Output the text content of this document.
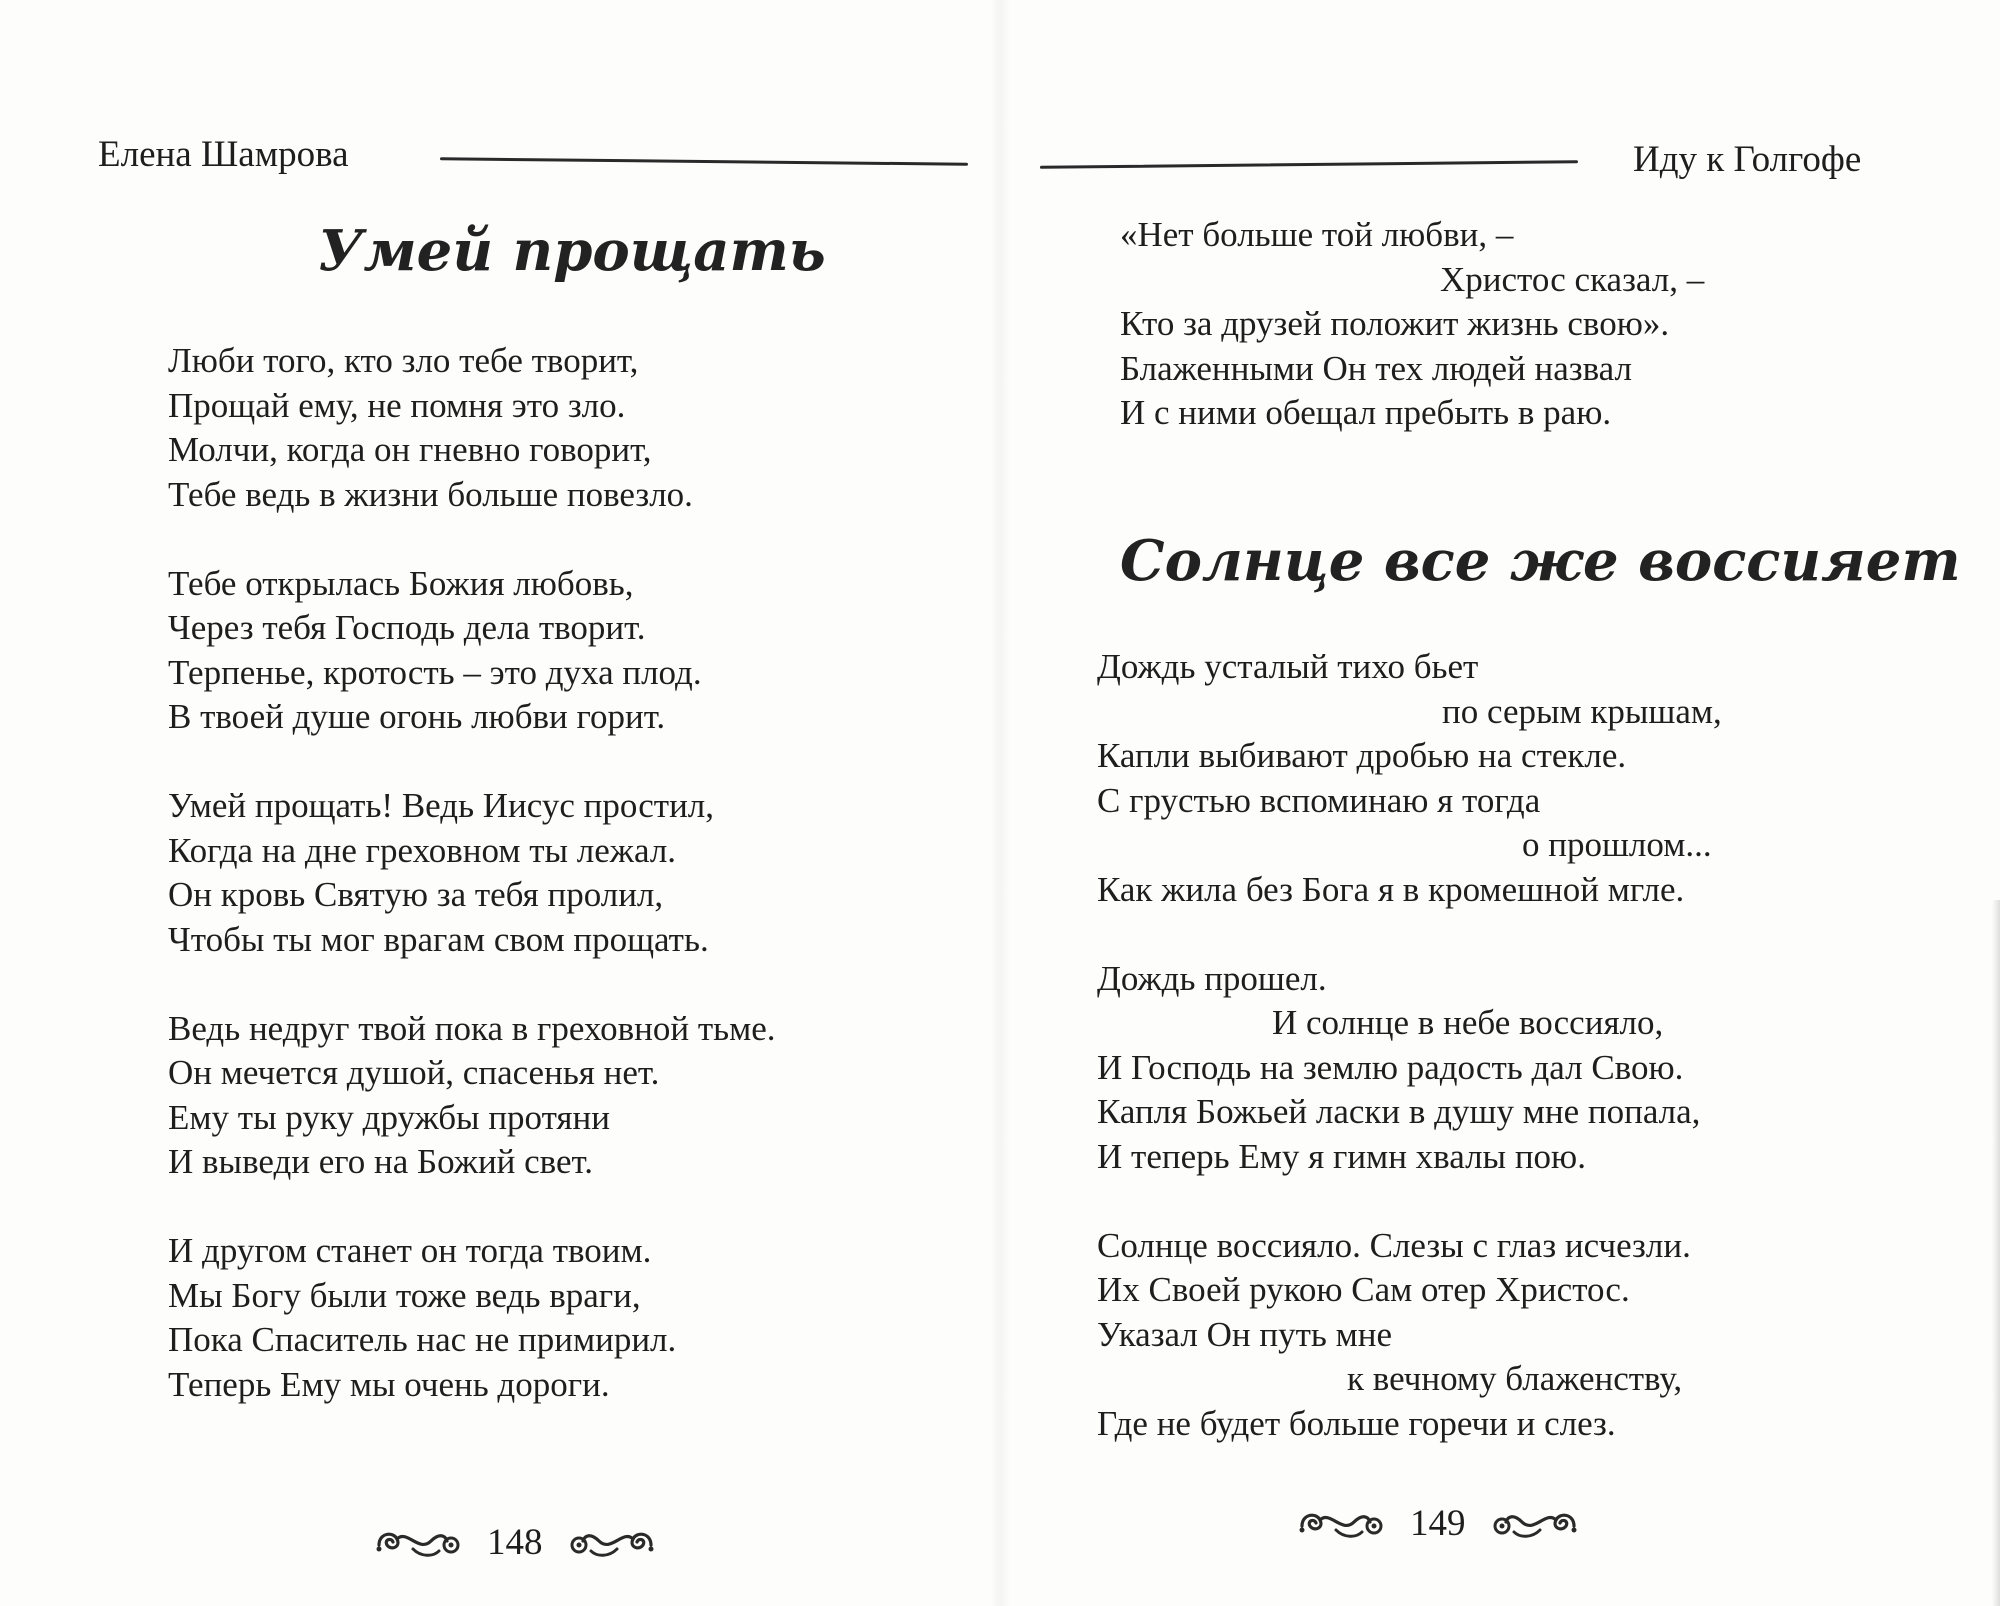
Елена Шамрова
Умей прощать
Люби того, кто зло тебе творит,
Прощай ему, не помня это зло.
Молчи, когда он гневно говорит,
Тебе ведь в жизни больше повезло.
Тебе открылась Божия любовь,
Через тебя Господь дела творит.
Терпенье, кротость – это духа плод.
В твоей душе огонь любви горит.
Умей прощать! Ведь Иисус простил,
Когда на дне греховном ты лежал.
Он кровь Святую за тебя пролил,
Чтобы ты мог врагам свом прощать.
Ведь недруг твой пока в греховной тьме.
Он мечется душой, спасенья нет.
Ему ты руку дружбы протяни
И выведи его на Божий свет.
И другом станет он тогда твоим.
Мы Богу были тоже ведь враги,
Пока Спаситель нас не примирил.
Теперь Ему мы очень дороги.
148
Иду к Голгофе
«Нет больше той любви, –
Христос сказал, –
Кто за друзей положит жизнь свою».
Блаженными Он тех людей назвал
И с ними обещал пребыть в раю.
Солнце все же воссияет
Дождь усталый тихо бьет
по серым крышам,
Капли выбивают дробью на стекле.
С грустью вспоминаю я тогда
о прошлом...
Как жила без Бога я в кромешной мгле.
Дождь прошел.
И солнце в небе воссияло,
И Господь на землю радость дал Свою.
Капля Божьей ласки в душу мне попала,
И теперь Ему я гимн хвалы пою.
Солнце воссияло. Слезы с глаз исчезли.
Их Своей рукою Сам отер Христос.
Указал Он путь мне
к вечному блаженству,
Где не будет больше горечи и слез.
149
